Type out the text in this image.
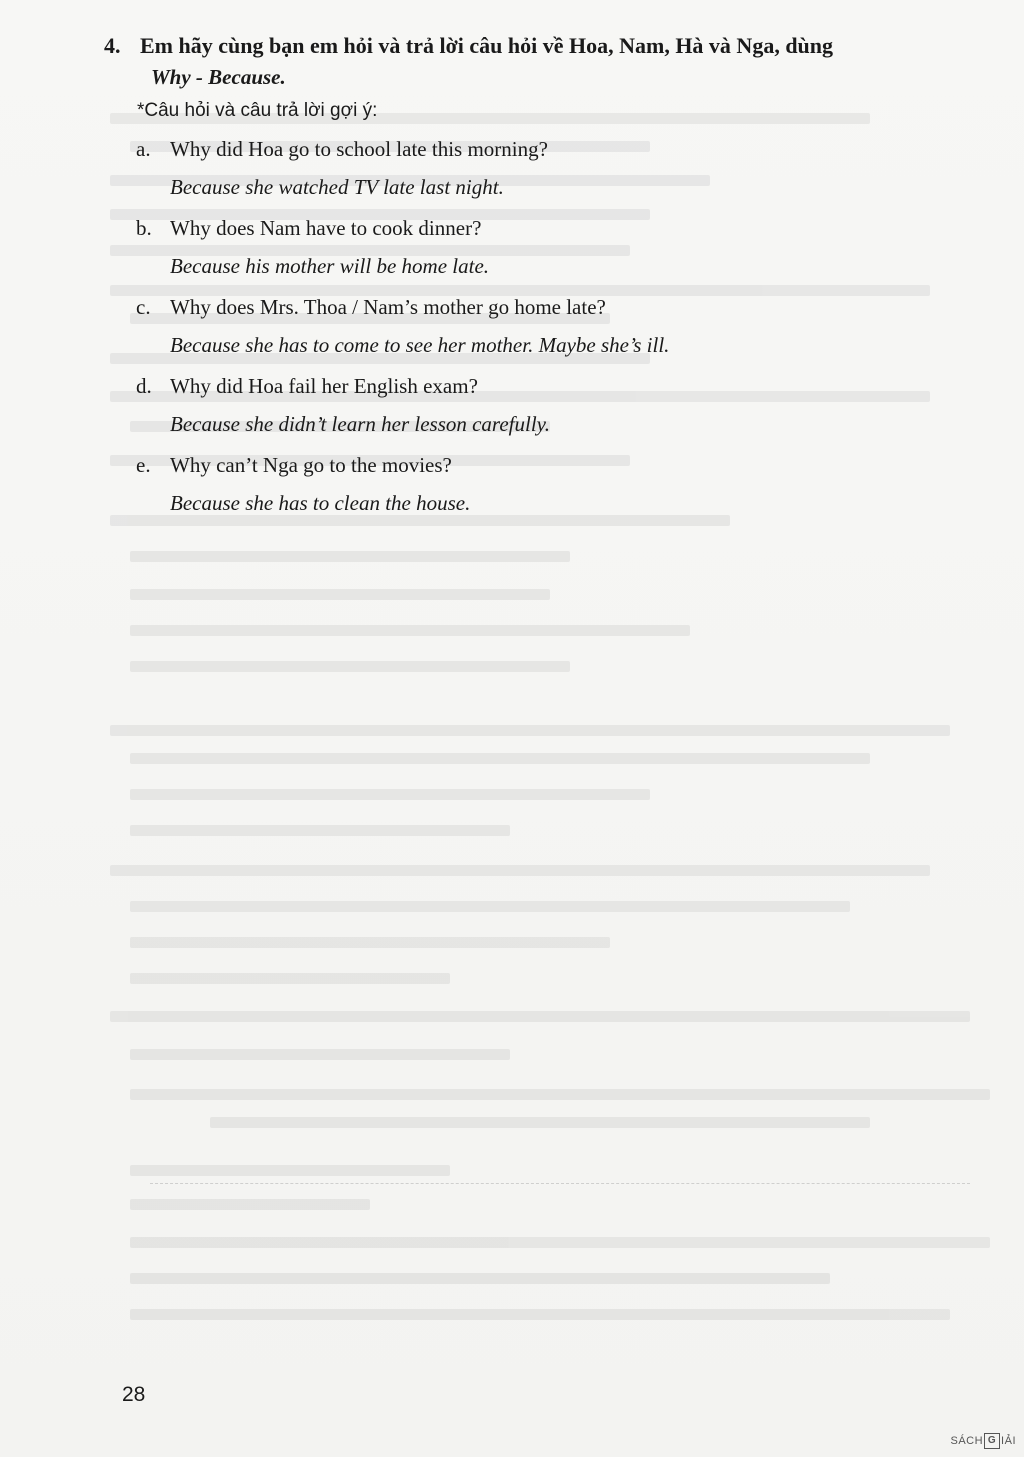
4. Em hãy cùng bạn em hỏi và trả lời câu hỏi về Hoa, Nam, Hà và Nga, dùng
Why - Because.
*Câu hỏi và câu trả lời gợi ý:
a. Why did Hoa go to school late this morning?
Because she watched TV late last night.
b. Why does Nam have to cook dinner?
Because his mother will be home late.
c. Why does Mrs. Thoa / Nam’s mother go home late?
Because she has to come to see her mother. Maybe she’s ill.
d. Why did Hoa fail her English exam?
Because she didn’t learn her lesson carefully.
e. Why can’t Nga go to the movies?
Because she has to clean the house.
28
SÁCH G IẢI
